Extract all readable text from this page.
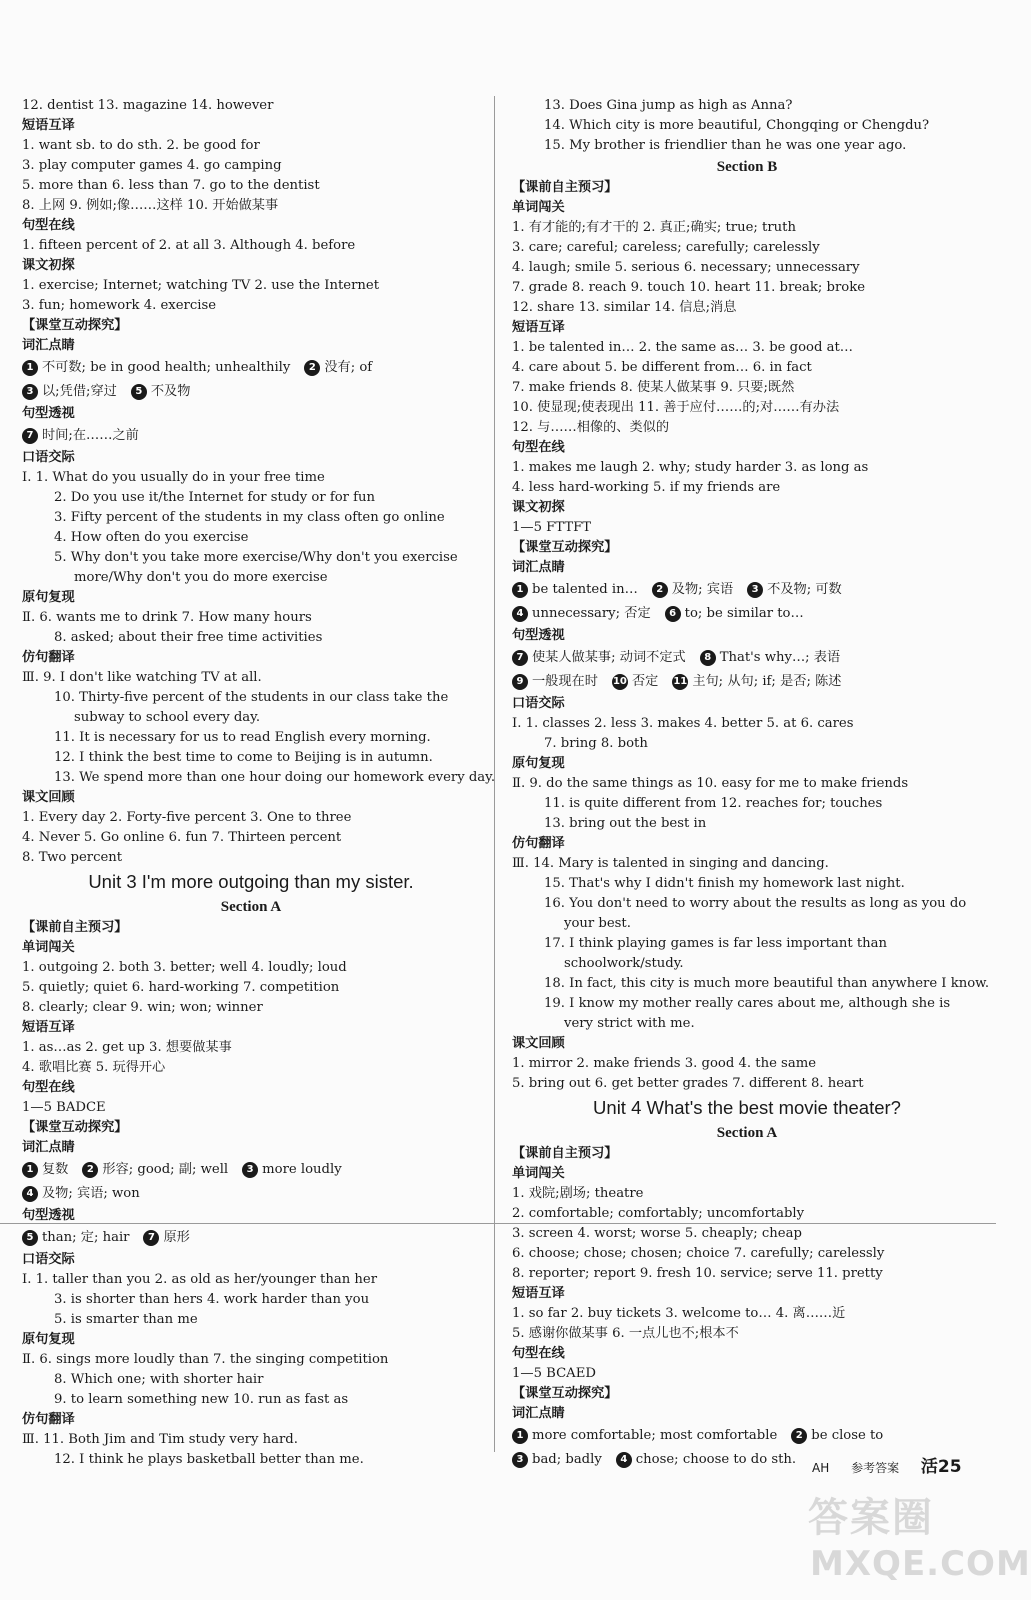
12. dentist 13. magazine 14. however
短语互译
1. want sb. to do sth. 2. be good for
3. play computer games 4. go camping
5. more than 6. less than 7. go to the dentist
8. 上网 9. 例如;像……这样 10. 开始做某事
句型在线
1. fifteen percent of 2. at all 3. Although 4. before
课文初探
1. exercise; Internet; watching TV 2. use the Internet
3. fun; homework 4. exercise
【课堂互动探究】
词汇点睛
1 不可数; be in good health; unhealthily 2 没有; of
3 以;凭借;穿过 5 不及物
句型透视
7 时间;在……之前
口语交际
Ⅰ. 1. What do you usually do in your free time
2. Do you use it/the Internet for study or for fun
3. Fifty percent of the students in my class often go online
4. How often do you exercise
5. Why don't you take more exercise/Why don't you exercise
more/Why don't you do more exercise
原句复现
Ⅱ. 6. wants me to drink 7. How many hours
8. asked; about their free time activities
仿句翻译
Ⅲ. 9. I don't like watching TV at all.
10. Thirty-five percent of the students in our class take the
subway to school every day.
11. It is necessary for us to read English every morning.
12. I think the best time to come to Beijing is in autumn.
13. We spend more than one hour doing our homework every day.
课文回顾
1. Every day 2. Forty-five percent 3. One to three
4. Never 5. Go online 6. fun 7. Thirteen percent
8. Two percent
Unit 3 I'm more outgoing than my sister.
Section A
【课前自主预习】
单词闯关
1. outgoing 2. both 3. better; well 4. loudly; loud
5. quietly; quiet 6. hard-working 7. competition
8. clearly; clear 9. win; won; winner
短语互译
1. as…as 2. get up 3. 想要做某事
4. 歌唱比赛 5. 玩得开心
句型在线
1—5 BADCE
【课堂互动探究】
词汇点睛
1 复数 2 形容; good; 副; well 3 more loudly
4 及物; 宾语; won
句型透视
5 than; 定; hair 7 原形
口语交际
Ⅰ. 1. taller than you 2. as old as her/younger than her
3. is shorter than hers 4. work harder than you
5. is smarter than me
原句复现
Ⅱ. 6. sings more loudly than 7. the singing competition
8. Which one; with shorter hair
9. to learn something new 10. run as fast as
仿句翻译
Ⅲ. 11. Both Jim and Tim study very hard.
12. I think he plays basketball better than me.
13. Does Gina jump as high as Anna?
14. Which city is more beautiful, Chongqing or Chengdu?
15. My brother is friendlier than he was one year ago.
Section B
【课前自主预习】
单词闯关
1. 有才能的;有才干的 2. 真正;确实; true; truth
3. care; careful; careless; carefully; carelessly
4. laugh; smile 5. serious 6. necessary; unnecessary
7. grade 8. reach 9. touch 10. heart 11. break; broke
12. share 13. similar 14. 信息;消息
短语互译
1. be talented in… 2. the same as… 3. be good at…
4. care about 5. be different from… 6. in fact
7. make friends 8. 使某人做某事 9. 只要;既然
10. 使显现;使表现出 11. 善于应付……的;对……有办法
12. 与……相像的、类似的
句型在线
1. makes me laugh 2. why; study harder 3. as long as
4. less hard-working 5. if my friends are
课文初探
1—5 FTTFT
【课堂互动探究】
词汇点睛
1 be talented in… 2 及物; 宾语 3 不及物; 可数
4 unnecessary; 否定 6 to; be similar to…
句型透视
7 使某人做某事; 动词不定式 8 That's why…; 表语
9 一般现在时 10 否定 11 主句; 从句; if; 是否; 陈述
口语交际
Ⅰ. 1. classes 2. less 3. makes 4. better 5. at 6. cares
7. bring 8. both
原句复现
Ⅱ. 9. do the same things as 10. easy for me to make friends
11. is quite different from 12. reaches for; touches
13. bring out the best in
仿句翻译
Ⅲ. 14. Mary is talented in singing and dancing.
15. That's why I didn't finish my homework last night.
16. You don't need to worry about the results as long as you do
your best.
17. I think playing games is far less important than
schoolwork/study.
18. In fact, this city is much more beautiful than anywhere I know.
19. I know my mother really cares about me, although she is
very strict with me.
课文回顾
1. mirror 2. make friends 3. good 4. the same
5. bring out 6. get better grades 7. different 8. heart
Unit 4 What's the best movie theater?
Section A
【课前自主预习】
单词闯关
1. 戏院;剧场; theatre
2. comfortable; comfortably; uncomfortably
3. screen 4. worst; worse 5. cheaply; cheap
6. choose; chose; chosen; choice 7. carefully; carelessly
8. reporter; report 9. fresh 10. service; serve 11. pretty
短语互译
1. so far 2. buy tickets 3. welcome to… 4. 离……近
5. 感谢你做某事 6. 一点儿也不;根本不
句型在线
1—5 BCAED
【课堂互动探究】
词汇点睛
1 more comfortable; most comfortable 2 be close to
3 bad; badly 4 chose; choose to do sth.
AH 参考答案 活25
答案圈
MXQE.COM
